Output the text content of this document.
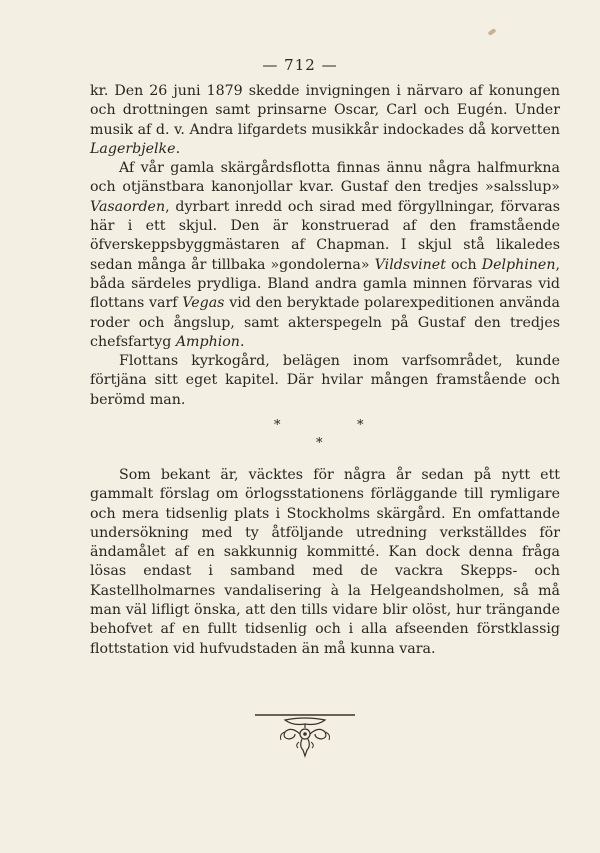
— 712 —

kr. Den 26 juni 1879 skedde invigningen i närvaro af konungen och drottningen samt prinsarne Oscar, Carl och Eugén. Under musik af d. v. Andra lifgardets musikkår indockades då korvetten Lagerbjelke.

Af vår gamla skärgårdsflotta finnas ännu några halfmurkna och otjänstbara kanonjollar kvar. Gustaf den tredjes »salsslup» Vasaorden, dyrbart inredd och sirad med förgyllningar, förvaras här i ett skjul. Den är konstruerad af den framstående öfverskeppsbyggmästaren af Chapman. I skjul stå likaledes sedan många år tillbaka »gondolerna» Vildsvinet och Delphinen, båda särdeles prydliga. Bland andra gamla minnen förvaras vid flottans varf Vegas vid den beryktade polarexpeditionen använda roder och ångslup, samt akterspegeln på Gustaf den tredjes chefsfartyg Amphion.

Flottans kyrkogård, belägen inom varfsområdet, kunde förtjäna sitt eget kapitel. Där hvilar mången framstående och berömd man.

*	*
*

Som bekant är, väcktes för några år sedan på nytt ett gammalt förslag om örlogsstationens förläggande till rymligare och mera tidsenlig plats i Stockholms skärgård. En omfattande undersökning med ty åtföljande utredning verkställdes för ändamålet af en sakkunnig kommitté. Kan dock denna fråga lösas endast i samband med de vackra Skepps- och Kastellholmarnes vandalisering à la Helgeandsholmen, så må man väl lifligt önska, att den tills vidare blir olöst, hur trängande behofvet af en fullt tidsenlig och i alla afseenden förstklassig flottstation vid hufvudstaden än må kunna vara.
